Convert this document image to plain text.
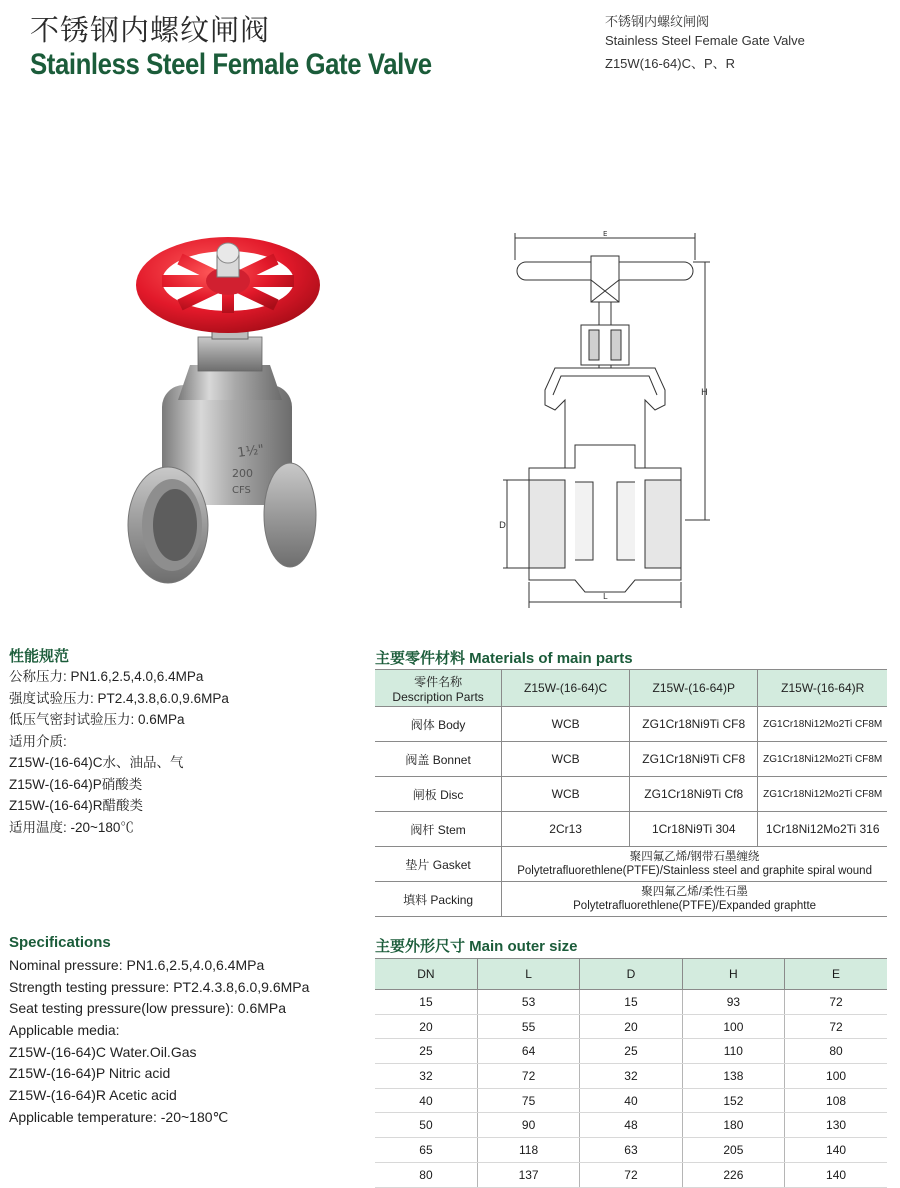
不锈钢内螺纹闸阀
Stainless Steel Female Gate Valve
不锈钢内螺纹闸阀
Stainless Steel Female Gate Valve
Z15W(16-64)C、P、R
1½"
200
CFS
E
H
D
L
性能规范
公称压力: PN1.6,2.5,4.0,6.4MPa
强度试验压力: PT2.4,3.8,6.0,9.6MPa
低压气密封试验压力: 0.6MPa
适用介质:
Z15W-(16-64)C水、油品、气
Z15W-(16-64)P硝酸类
Z15W-(16-64)R醋酸类
适用温度: -20~180℃
Specifications
Nominal pressure: PN1.6,2.5,4.0,6.4MPa
Strength testing pressure: PT2.4.3.8,6.0,9.6MPa
Seat testing pressure(low pressure): 0.6MPa
Applicable media:
Z15W-(16-64)C Water.Oil.Gas
Z15W-(16-64)P Nitric acid
Z15W-(16-64)R Acetic acid
Applicable temperature: -20~180℃
主要零件材料 Materials of main parts
零件名称
Description Parts	Z15W-(16-64)C	Z15W-(16-64)P	Z15W-(16-64)R
阀体 Body	WCB	ZG1Cr18Ni9Ti CF8	ZG1Cr18Ni12Mo2Ti CF8M
阀盖 Bonnet	WCB	ZG1Cr18Ni9Ti CF8	ZG1Cr18Ni12Mo2Ti CF8M
闸板 Disc	WCB	ZG1Cr18Ni9Ti Cf8	ZG1Cr18Ni12Mo2Ti CF8M
阀杆 Stem	2Cr13	1Cr18Ni9Ti 304	1Cr18Ni12Mo2Ti 316
垫片 Gasket	聚四氟乙烯/钢带石墨缠绕
Polytetrafluorethlene(PTFE)/Stainless steel and graphite spiral wound		

填料 Packing	聚四氟乙烯/柔性石墨
Polytetrafluorethlene(PTFE)/Expanded graphtte		
主要外形尺寸 Main outer size
DN	L	D	H	E
15	53	15	93	72
20	55	20	100	72
25	64	25	110	80
32	72	32	138	100
40	75	40	152	108
50	90	48	180	130
65	118	63	205	140
80	137	72	226	140
